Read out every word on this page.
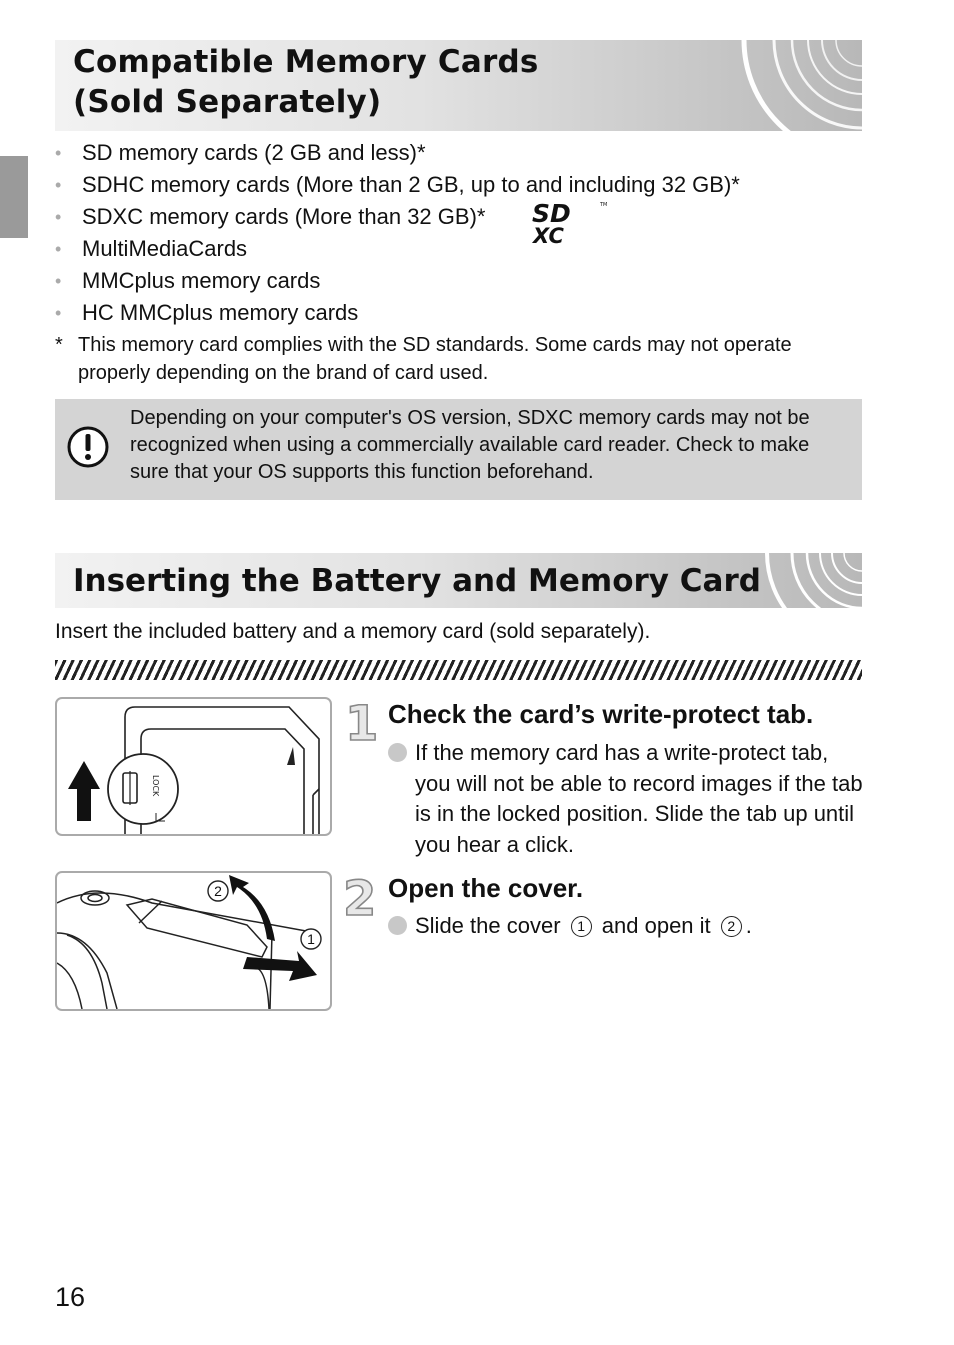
Compatible Memory Cards
(Sold Separately)
• SD memory cards (2 GB and less)*
• SDHC memory cards (More than 2 GB, up to and including 32 GB)*
• SDXC memory cards (More than 32 GB)*
• MultiMediaCards
• MMCplus memory cards
• HC MMCplus memory cards
SD
XC
TM
* This memory card complies with the SD standards. Some cards may not operate properly depending on the brand of card used.
Depending on your computer's OS version, SDXC memory cards may not be recognized when using a commercially available card reader. Check to make sure that your OS supports this function beforehand.
Inserting the Battery and Memory Card
Insert the included battery and a memory card (sold separately).
LOCK
1 Check the card’s write-protect tab.
If the memory card has a write-protect tab, you will not be able to record images if the tab is in the locked position. Slide the tab up until you hear a click.
2
1
2 Open the cover.
Slide the cover 1 and open it 2 .
16
